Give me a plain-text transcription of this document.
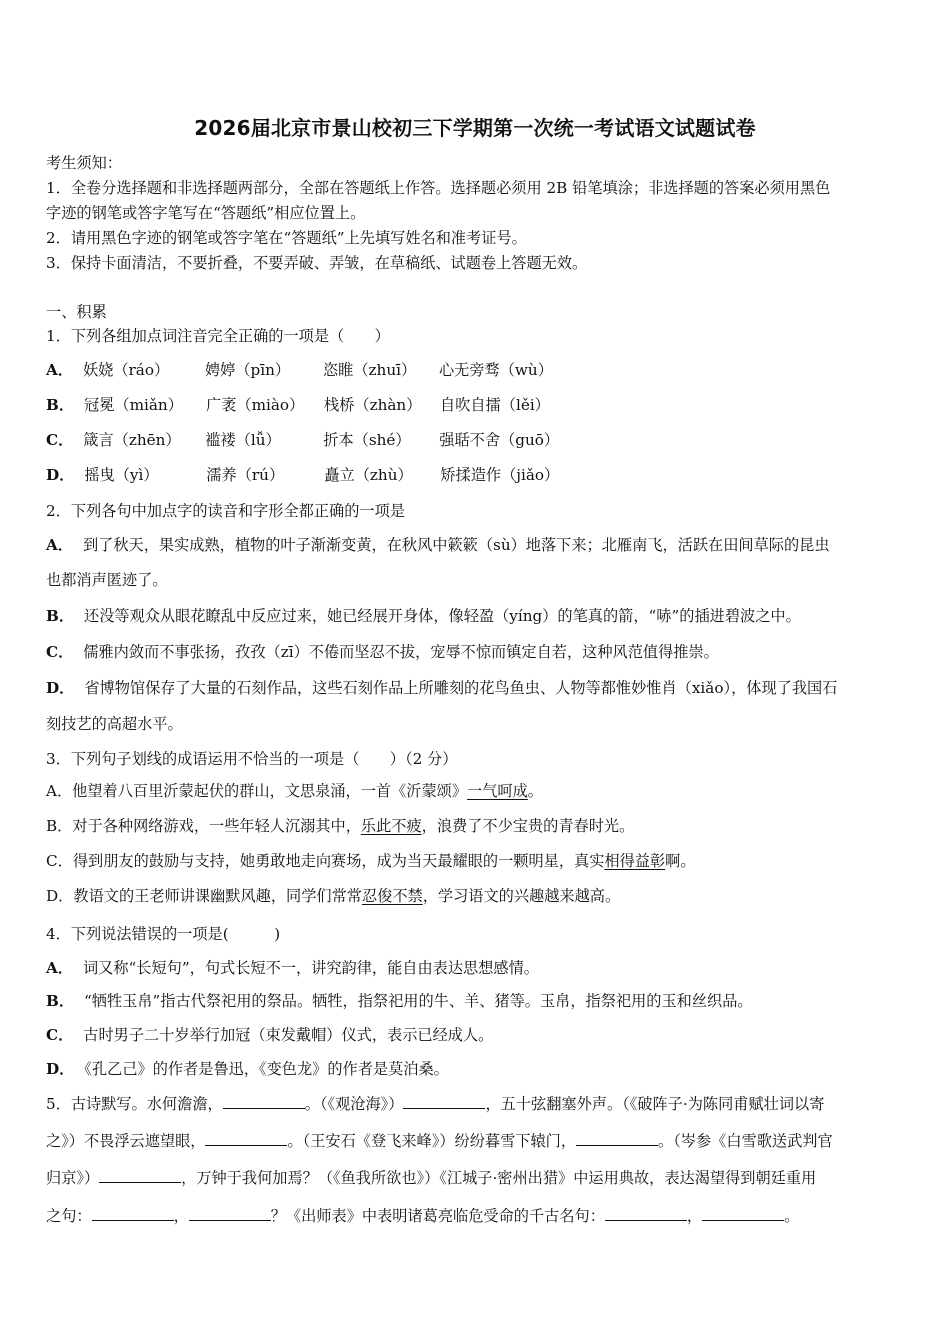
2026届北京市景山校初三下学期第一次统一考试语文试题试卷
考生须知：
1．全卷分选择题和非选择题两部分，全部在答题纸上作答。选择题必须用 2B 铅笔填涂；非选择题的答案必须用黑色
字迹的钢笔或答字笔写在“答题纸”相应位置上。
2．请用黑色字迹的钢笔或答字笔在“答题纸”上先填写姓名和准考证号。
3．保持卡面清洁，不要折叠，不要弄破、弄皱，在草稿纸、试题卷上答题无效。
一、积累
1．下列各组加点词注音完全正确的一项是（　　）
A． 妖娆（ráo） 娉婷（pīn） 恣睢（zhuī） 心无旁骛（wù）
B． 冠冕（miǎn） 广袤（miào） 栈桥（zhàn） 自吹自擂（lěi）
C． 箴言（zhēn） 褴褛（lǚ）	折本（shé） 强聒不舍（guō）
D． 摇曳（yì）	濡养（rú）	矗立（zhù） 矫揉造作（jiǎo）
2．下列各句中加点字的读音和字形全都正确的一项是
A． 到了秋天，果实成熟，植物的叶子渐渐变黄，在秋风中簌簌（sù）地落下来；北雁南飞，活跃在田间草际的昆虫
也都消声匿迹了。
B． 还没等观众从眼花瞭乱中反应过来，她已经展开身体，像轻盈（yíng）的笔真的箭，“哧”的插进碧波之中。
C． 儒雅内敛而不事张扬，孜孜（zī）不倦而坚忍不拔，宠辱不惊而镇定自若，这种风范值得推崇。
D． 省博物馆保存了大量的石刻作品，这些石刻作品上所雕刻的花鸟鱼虫、人物等都惟妙惟肖（xiǎo），体现了我国石
刻技艺的高超水平。
3．下列句子划线的成语运用不恰当的一项是（　　）（2 分）
A．他望着八百里沂蒙起伏的群山，文思泉涌，一首《沂蒙颂》一气呵成。
B．对于各种网络游戏，一些年轻人沉溺其中，乐此不疲，浪费了不少宝贵的青春时光。
C．得到朋友的鼓励与支持，她勇敢地走向赛场，成为当天最耀眼的一颗明星，真实相得益彰啊。
D．教语文的王老师讲课幽默风趣，同学们常常忍俊不禁，学习语文的兴趣越来越高。
4．下列说法错误的一项是(　　　)
A． 词又称“长短句”，句式长短不一，讲究韵律，能自由表达思想感情。
B． “牺牲玉帛”指古代祭祀用的祭品。牺牲，指祭祀用的牛、羊、猪等。玉帛，指祭祀用的玉和丝织品。
C． 古时男子二十岁举行加冠（束发戴帽）仪式，表示已经成人。
D． 《孔乙己》的作者是鲁迅，《变色龙》的作者是莫泊桑。
5．古诗默写。水何澹澹，	。（《观沧海》）	，五十弦翻塞外声。（《破阵子·为陈同甫赋壮词以寄
之》）不畏浮云遮望眼，	。（王安石《登飞来峰》）纷纷暮雪下辕门，	。（岑参《白雪歌送武判官
归京》）	，万钟于我何加焉？（《鱼我所欲也》）《江城子·密州出猎》中运用典故，表达渴望得到朝廷重用
之句：	，	？《出师表》中表明诸葛亮临危受命的千古名句：	，	。
